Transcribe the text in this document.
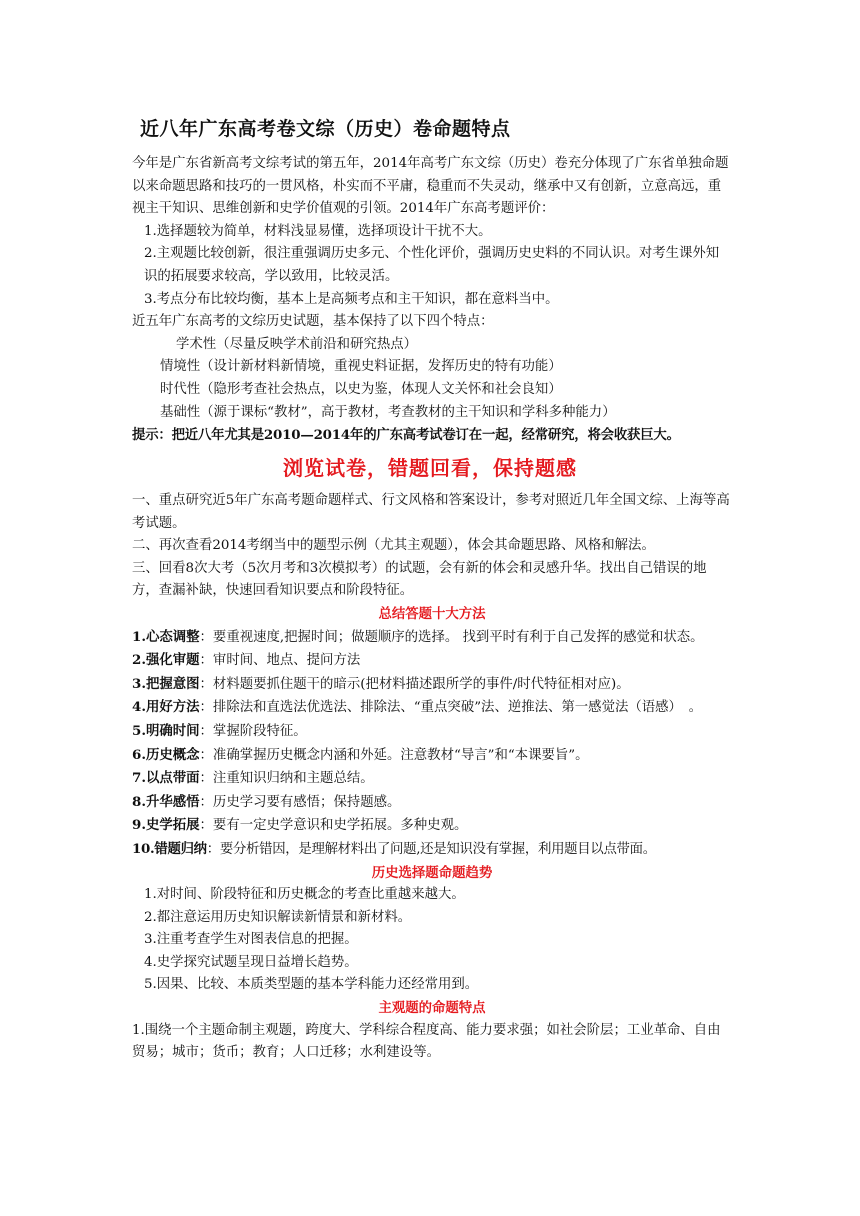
近八年广东高考卷文综（历史）卷命题特点

今年是广东省新高考文综考试的第五年，2014年高考广东文综（历史）卷充分体现了广东省单独命题以来命题思路和技巧的一贯风格，朴实而不平庸，稳重而不失灵动，继承中又有创新，立意高远，重视主干知识、思维创新和史学价值观的引领。2014年广东高考题评价：

1.选择题较为简单，材料浅显易懂，选择项设计干扰不大。

2.主观题比较创新，很注重强调历史多元、个性化评价，强调历史史料的不同认识。对考生课外知识的拓展要求较高，学以致用，比较灵活。

3.考点分布比较均衡，基本上是高频考点和主干知识，都在意料当中。

近五年广东高考的文综历史试题，基本保持了以下四个特点：

学术性（尽量反映学术前沿和研究热点）

情境性（设计新材料新情境，重视史料证据，发挥历史的特有功能）

时代性（隐形考查社会热点，以史为鉴，体现人文关怀和社会良知）

基础性（源于课标“教材”，高于教材，考查教材的主干知识和学科多种能力）

提示：把近八年尤其是2010—2014年的广东高考试卷订在一起，经常研究，将会收获巨大。

浏览试卷，错题回看，保持题感

一、重点研究近5年广东高考题命题样式、行文风格和答案设计，参考对照近几年全国文综、上海等高考试题。

二、再次查看2014考纲当中的题型示例（尤其主观题），体会其命题思路、风格和解法。

三、回看8次大考（5次月考和3次模拟考）的试题，会有新的体会和灵感升华。找出自己错误的地方，查漏补缺，快速回看知识要点和阶段特征。

总结答题十大方法

1.心态调整：要重视速度,把握时间；做题顺序的选择。 找到平时有利于自己发挥的感觉和状态。

2.强化审题：审时间、地点、提问方法

3.把握意图：材料题要抓住题干的暗示(把材料描述跟所学的事件/时代特征相对应)。

4.用好方法：排除法和直选法优选法、排除法、“重点突破”法、逆推法、第一感觉法（语感）　。

5.明确时间：掌握阶段特征。

6.历史概念：准确掌握历史概念内涵和外延。注意教材“导言”和“本课要旨”。

7.以点带面：注重知识归纳和主题总结。

8.升华感悟：历史学习要有感悟；保持题感。

9.史学拓展：要有一定史学意识和史学拓展。多种史观。

10.错题归纳：要分析错因，是理解材料出了问题,还是知识没有掌握，利用题目以点带面。

历史选择题命题趋势

1.对时间、阶段特征和历史概念的考查比重越来越大。

2.都注意运用历史知识解读新情景和新材料。

3.注重考查学生对图表信息的把握。

4.史学探究试题呈现日益增长趋势。

5.因果、比较、本质类型题的基本学科能力还经常用到。

主观题的命题特点

1.围绕一个主题命制主观题，跨度大、学科综合程度高、能力要求强；如社会阶层；工业革命、自由贸易；城市；货币；教育；人口迁移；水利建设等。
